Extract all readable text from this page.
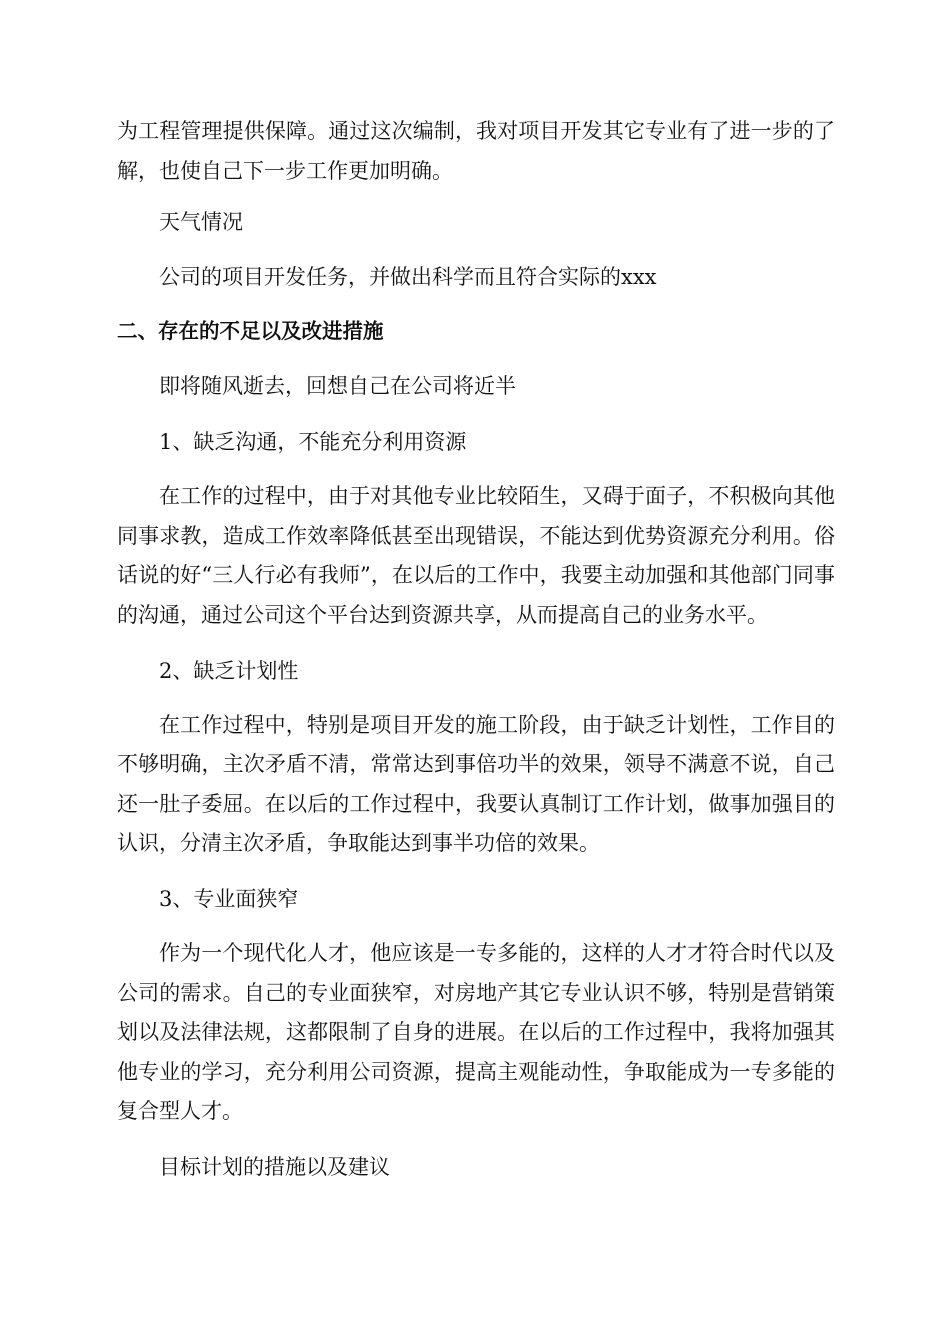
为工程管理提供保障。通过这次编制，我对项目开发其它专业有了进一步的了解，也使自己下一步工作更加明确。

天气情况

公司的项目开发任务，并做出科学而且符合实际的xxx

二、存在的不足以及改进措施

即将随风逝去，回想自己在公司将近半

1、缺乏沟通，不能充分利用资源

在工作的过程中，由于对其他专业比较陌生，又碍于面子，不积极向其他同事求教，造成工作效率降低甚至出现错误，不能达到优势资源充分利用。俗话说的好“三人行必有我师”，在以后的工作中，我要主动加强和其他部门同事的沟通，通过公司这个平台达到资源共享，从而提高自己的业务水平。

2、缺乏计划性

在工作过程中，特别是项目开发的施工阶段，由于缺乏计划性，工作目的不够明确，主次矛盾不清，常常达到事倍功半的效果，领导不满意不说，自己还一肚子委屈。在以后的工作过程中，我要认真制订工作计划，做事加强目的认识，分清主次矛盾，争取能达到事半功倍的效果。

3、专业面狭窄

作为一个现代化人才，他应该是一专多能的，这样的人才才符合时代以及公司的需求。自己的专业面狭窄，对房地产其它专业认识不够，特别是营销策划以及法律法规，这都限制了自身的进展。在以后的工作过程中，我将加强其他专业的学习，充分利用公司资源，提高主观能动性，争取能成为一专多能的复合型人才。

目标计划的措施以及建议
